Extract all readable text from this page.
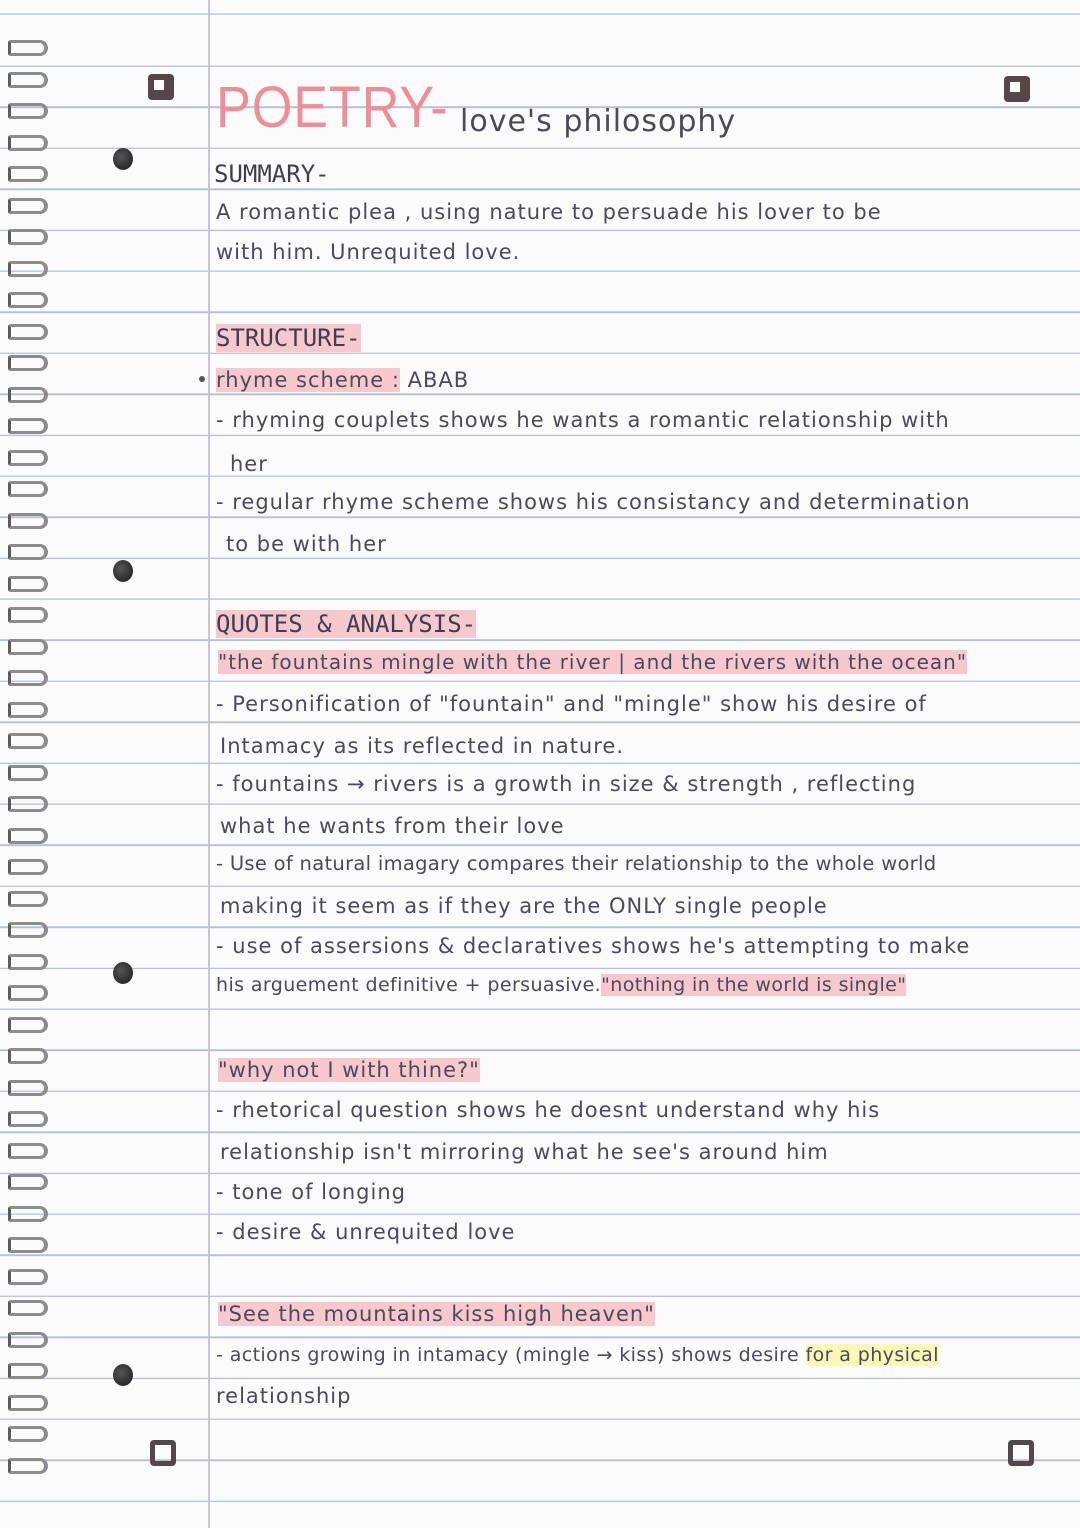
POETRY- love's philosophy
SUMMARY-
A romantic plea , using nature to persuade his lover to be
with him. Unrequited love.
STRUCTURE-
rhyme scheme : ABAB
- rhyming couplets shows he wants a romantic relationship with
her
- regular rhyme scheme shows his consistancy and determination
to be with her
QUOTES & ANALYSIS-
"the fountains mingle with the river | and the rivers with the ocean"
- Personification of "fountain" and "mingle" show his desire of
Intamacy as its reflected in nature.
- fountains → rivers is a growth in size & strength , reflecting
what he wants from their love
- Use of natural imagary compares their relationship to the whole world
making it seem as if they are the ONLY single people
- use of assersions & declaratives shows he's attempting to make
his arguement definitive + persuasive."nothing in the world is single"
"why not I with thine?"
- rhetorical question shows he doesnt understand why his
relationship isn't mirroring what he see's around him
- tone of longing
- desire & unrequited love
"See the mountains kiss high heaven"
- actions growing in intamacy (mingle → kiss) shows desire for a physical
relationship
